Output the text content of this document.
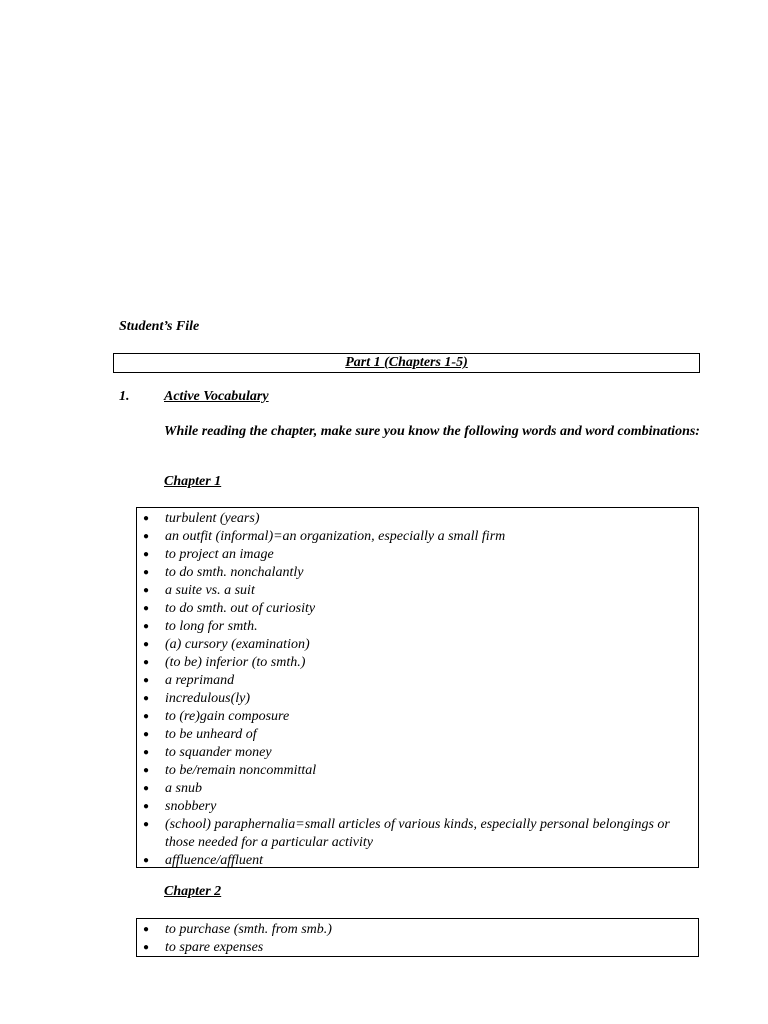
Student’s File
Part 1 (Chapters 1-5)
1. Active Vocabulary
While reading the chapter, make sure you know the following words and word combinations:
Chapter 1
● turbulent (years)
● an outfit (informal)=an organization, especially a small firm
● to project an image
● to do smth. nonchalantly
● a suite vs. a suit
● to do smth. out of curiosity
● to long for smth.
● (a) cursory (examination)
● (to be) inferior (to smth.)
● a reprimand
● incredulous(ly)
● to (re)gain composure
● to be unheard of
● to squander money
● to be/remain noncommittal
● a snub
● snobbery
● (school) paraphernalia=small articles of various kinds, especially personal belongings or those needed for a particular activity
● affluence/affluent
Chapter 2
● to purchase (smth. from smb.)
● to spare expenses
